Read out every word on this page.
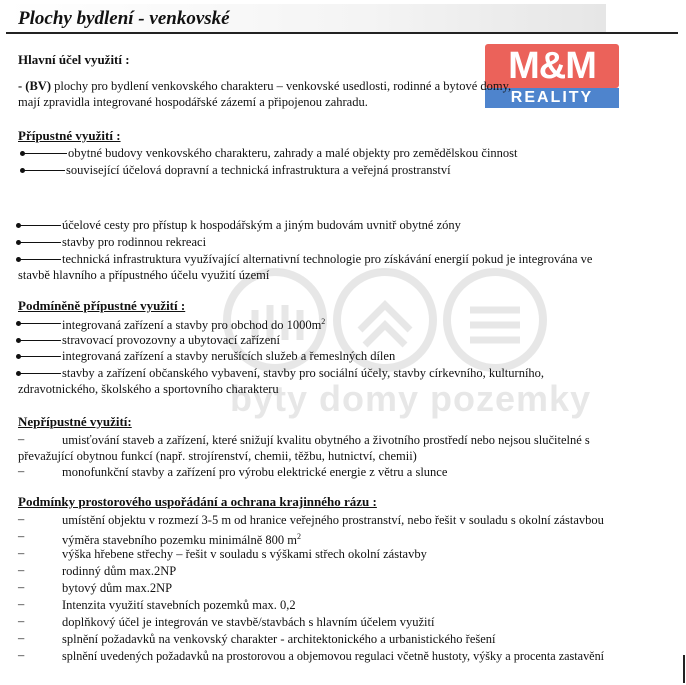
Plochy bydlení - venkovské
M&M
REALITY
byty domy pozemky
Hlavní účel využití :
- (BV) plochy pro bydlení venkovského charakteru – venkovské usedlosti, rodinné a bytové domy,
mají zpravidla integrované hospodářské zázemí a připojenou zahradu.
Přípustné využití :
obytné budovy venkovského charakteru, zahrady a malé objekty pro zemědělskou činnost
související účelová dopravní a technická infrastruktura a veřejná prostranství
účelové cesty pro přístup k hospodářským a jiným budovám uvnitř obytné zóny
stavby pro rodinnou rekreaci
technická infrastruktura využívající alternativní technologie pro získávání energií pokud je integrována ve
stavbě hlavního a přípustného účelu využití území
Podmíněně přípustné využití :
integrovaná zařízení a stavby pro obchod do $1000m^2$
stravovací provozovny a ubytovací zařízení
integrovaná zařízení a stavby nerušících služeb a řemeslných dílen
stavby a zařízení občanského vybavení, stavby pro sociální účely, stavby církevního, kulturního,
zdravotnického, školského a sportovního charakteru
Nepřípustné využití:
–	umisťování staveb a zařízení, které snižují kvalitu obytného a životního prostředí nebo nejsou slučitelné s
převažující obytnou funkcí (např. strojírenství, chemii, těžbu, hutnictví, chemii)
–	monofunkční stavby a zařízení pro výrobu elektrické energie z větru a slunce
Podmínky prostorového uspořádání a ochrana krajinného rázu :
–	umístění objektu v rozmezí 3-5 m od hranice veřejného prostranství, nebo řešit v souladu s okolní zástavbou
–	výměra stavebního pozemku minimálně 800 $m^2$
–	výška hřebene střechy – řešit v souladu s výškami střech okolní zástavby
–	rodinný dům max.2NP
–	bytový dům max.2NP
–	Intenzita využití stavebních pozemků max. 0,2
–	doplňkový účel je integrován ve stavbě/stavbách s hlavním účelem využití
–	splnění požadavků na venkovský charakter - architektonického a urbanistického řešení
–	splnění uvedených požadavků na prostorovou a objemovou regulaci včetně hustoty, výšky a procenta zastavění
